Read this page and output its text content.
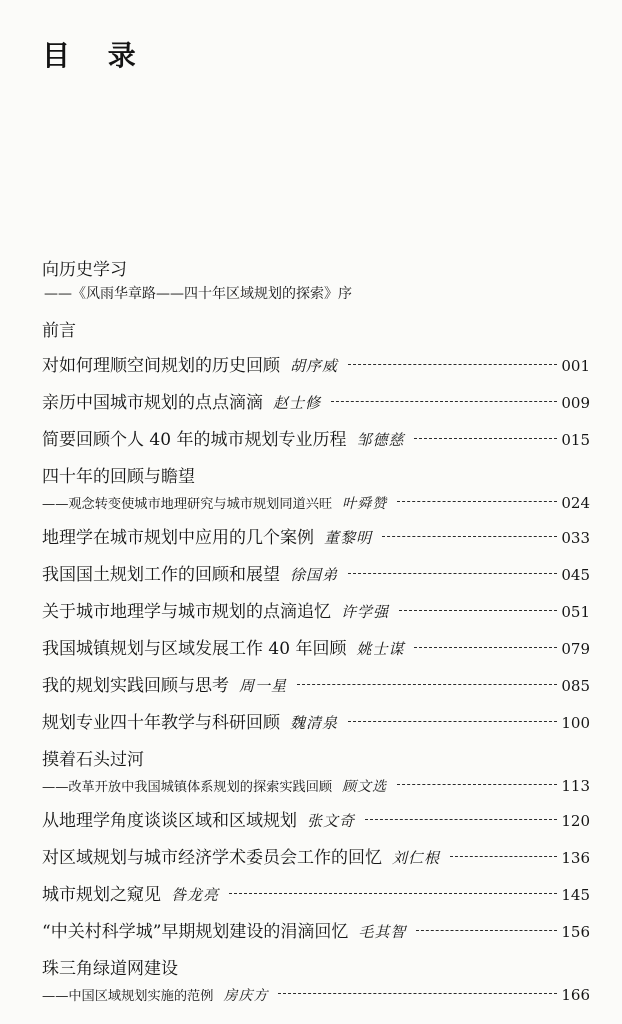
目 录
向历史学习
——《风雨华章路——四十年区域规划的探索》序
前言
对如何理顺空间规划的历史回顾 胡序威	001
亲历中国城市规划的点点滴滴 赵士修	009
简要回顾个人 40 年的城市规划专业历程 邹德慈	015
四十年的回顾与瞻望
——观念转变使城市地理研究与城市规划同道兴旺 叶舜赞	024
地理学在城市规划中应用的几个案例 董黎明	033
我国国土规划工作的回顾和展望 徐国弟	045
关于城市地理学与城市规划的点滴追忆 许学强	051
我国城镇规划与区域发展工作 40 年回顾 姚士谋	079
我的规划实践回顾与思考 周一星	085
规划专业四十年教学与科研回顾 魏清泉	100
摸着石头过河
——改革开放中我国城镇体系规划的探索实践回顾 顾文选	113
从地理学角度谈谈区域和区域规划 张文奇	120
对区域规划与城市经济学术委员会工作的回忆 刘仁根	136
城市规划之窥见 昝龙亮	145
“中关村科学城”早期规划建设的涓滴回忆 毛其智	156
珠三角绿道网建设
——中国区域规划实施的范例 房庆方	166
